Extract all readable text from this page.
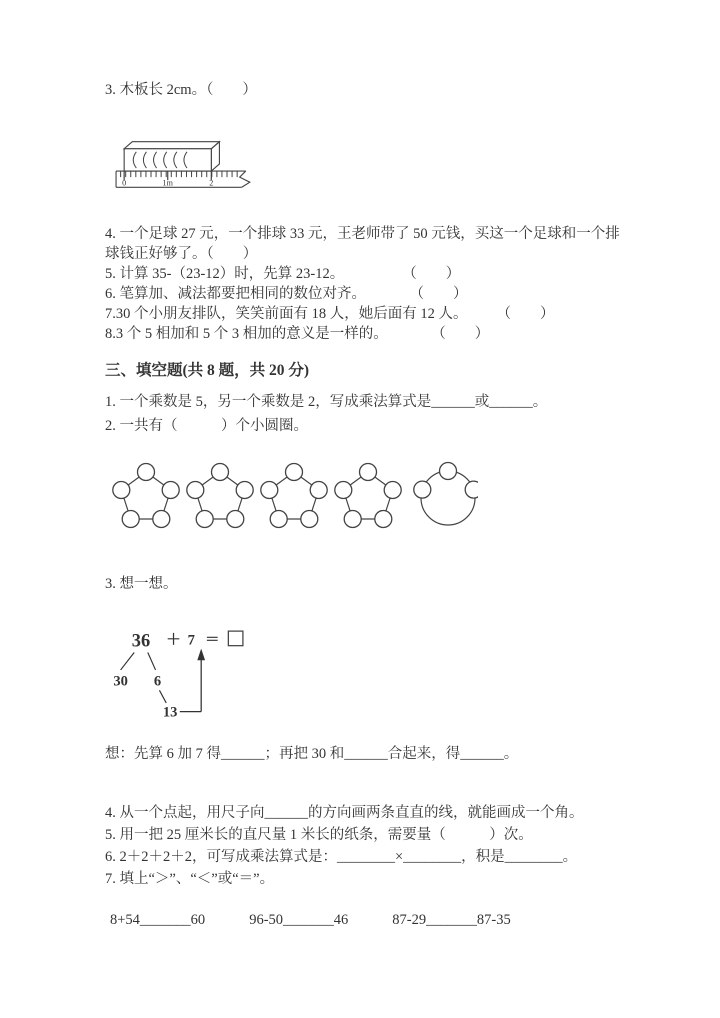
3. 木板长 2cm。（　　）
0	1m	2
4. 一个足球 27 元，一个排球 33 元，王老师带了 50 元钱，买这一个足球和一个排球钱正好够了。（　　）
5. 计算 35-（23-12）时，先算 23-12。　　　　　（　　）
6. 笔算加、减法都要把相同的数位对齐。　　　　（　　）
7.30 个小朋友排队，笑笑前面有 18 人，她后面有 12 人。　　　（　　）
8.3 个 5 相加和 5 个 3 相加的意义是一样的。　　　　（　　）
三、填空题(共 8 题，共 20 分)
1. 一个乘数是 5，另一个乘数是 2，写成乘法算式是______或______。
2. 一共有（　　　）个小圆圈。
3. 想一想。
36 ＋ 7 ＝
30 6
13
想：先算 6 加 7 得______；再把 30 和______合起来，得______。
4. 从一个点起，用尺子向______的方向画两条直直的线，就能画成一个角。
5. 用一把 25 厘米长的直尺量 1 米长的纸条，需要量（　　　）次。
6. 2＋2＋2＋2，可写成乘法算式是：________×________，积是________。
7. 填上“＞”、“＜”或“＝”。
8+54_______60	96-50_______46	87-29_______87-35
